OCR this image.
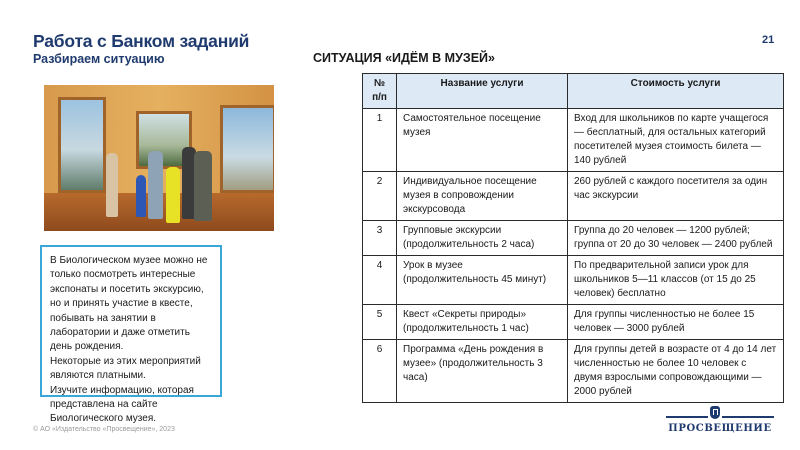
Работа с Банком заданий
Разбираем ситуацию
21

В Биологическом музее можно не только посмотреть интересные экспонаты и посетить экскурсию, но и принять участие в квесте, побывать на занятии в лаборатории и даже отметить день рождения.

Некоторые из этих мероприятий являются платными.

Изучите информацию, которая представлена на сайте Биологического музея.

СИТУАЦИЯ «ИДЁМ В МУЗЕЙ»
№ п/п	Название услуги	Стоимость услуги
1	Самостоятельное посещение музея	Вход для школьников по карте учащегося — бесплатный, для остальных категорий посетителей музея стоимость билета — 140 рублей
2	Индивидуальное посещение музея в сопровождении экскурсовода	260 рублей с каждого посетителя за один час экскурсии
3	Групповые экскурсии (продолжительность 2 часа)	Группа до 20 человек — 1200 рублей; группа от 20 до 30 человек — 2400 рублей
4	Урок в музее (продолжительность 45 минут)	По предварительной записи урок для школьников 5—11 классов (от 15 до 25 человек) бесплатно
5	Квест «Секреты природы» (продолжительность 1 час)	Для группы численностью не более 15 человек — 3000 рублей
6	Программа «День рождения в музее» (продолжительность 3 часа)	Для группы детей в возрасте от 4 до 14 лет численностью не более 10 человек с двумя взрослыми сопровождающими — 2000 рублей
© АО «Издательство «Просвещение», 2023	ПРОСВЕЩЕНИЕ
